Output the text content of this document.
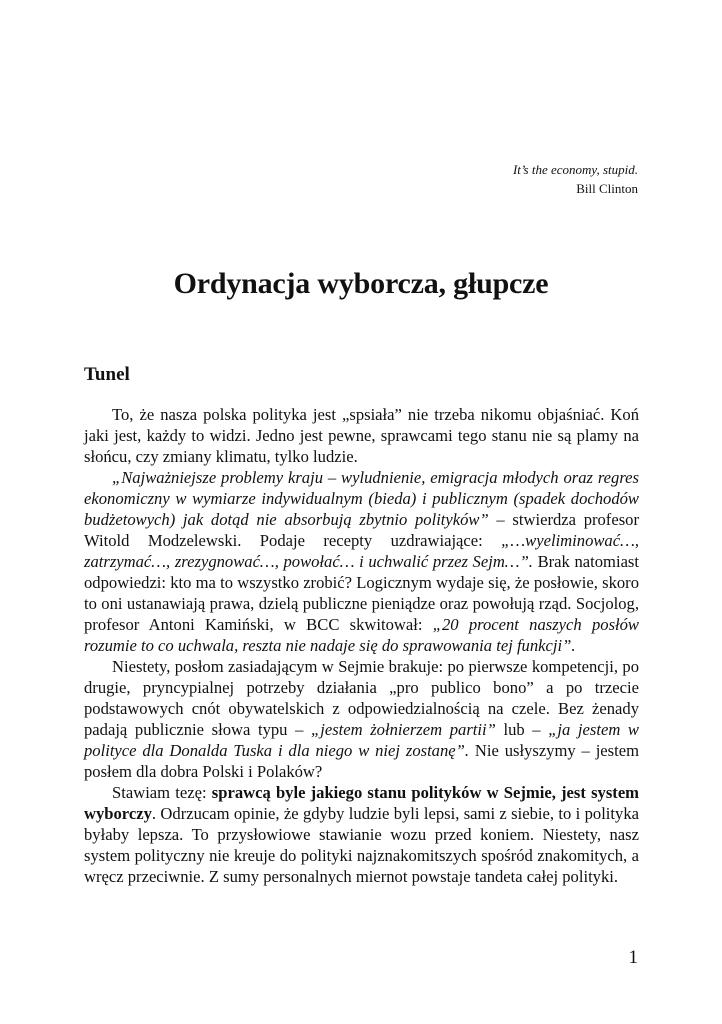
It’s the economy, stupid.
Bill Clinton
Ordynacja wyborcza, głupcze
Tunel

To, że nasza polska polityka jest „spsiała” nie trzeba nikomu objaśniać. Koń jaki jest, każdy to widzi. Jedno jest pewne, sprawcami tego stanu nie są plamy na słońcu, czy zmiany klimatu, tylko ludzie.

„Najważniejsze problemy kraju – wyludnienie, emigracja młodych oraz regres ekonomiczny w wymiarze indywidualnym (bieda) i publicznym (spadek dochodów budżetowych) jak dotąd nie absorbują zbytnio polityków” – stwierdza profesor Witold Modzelewski. Podaje recepty uzdrawiające: „…wyeliminować…, zatrzymać…, zrezygnować…, powołać… i uchwalić przez Sejm…”. Brak natomiast odpowiedzi: kto ma to wszystko zrobić? Logicznym wydaje się, że posłowie, skoro to oni ustanawiają prawa, dzielą publiczne pieniądze oraz powołują rząd. Socjolog, profesor Antoni Kamiński, w BCC skwitował: „20 procent naszych posłów rozumie to co uchwala, reszta nie nadaje się do sprawowania tej funkcji”.

Niestety, posłom zasiadającym w Sejmie brakuje: po pierwsze kompetencji, po drugie, pryncypialnej potrzeby działania „pro publico bono” a po trzecie podstawowych cnót obywatelskich z odpowiedzialnością na czele. Bez żenady padają publicznie słowa typu – „jestem żołnierzem partii” lub – „ja jestem w polityce dla Donalda Tuska i dla niego w niej zostanę”. Nie usłyszymy – jestem posłem dla dobra Polski i Polaków?

Stawiam tezę: sprawcą byle jakiego stanu polityków w Sejmie, jest system wyborczy. Odrzucam opinie, że gdyby ludzie byli lepsi, sami z siebie, to i polityka byłaby lepsza. To przysłowiowe stawianie wozu przed koniem. Niestety, nasz system polityczny nie kreuje do polityki najznakomitszych spośród znakomitych, a wręcz przeciwnie. Z sumy personalnych miernot powstaje tandeta całej polityki.

1
